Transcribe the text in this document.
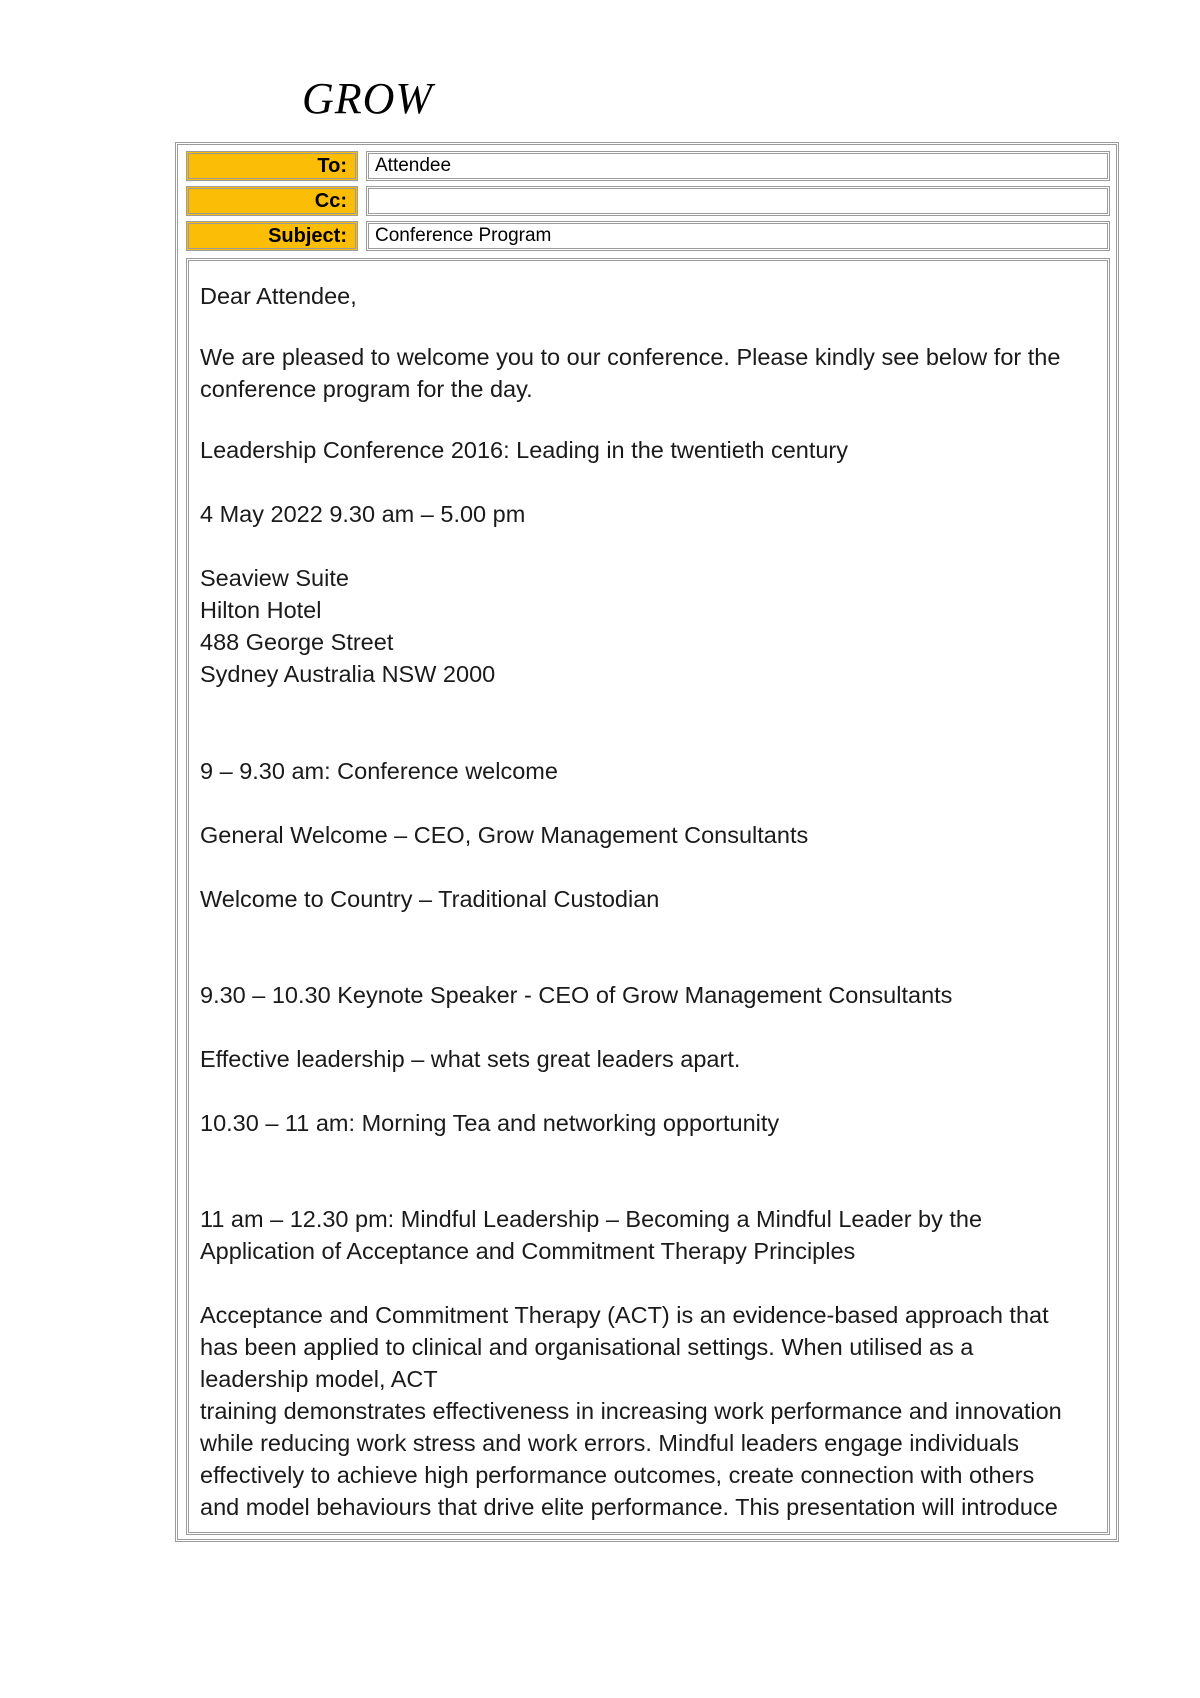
GROW
To:	Attendee
Cc:
Subject:	Conference Program
Dear Attendee,
We are pleased to welcome you to our conference. Please kindly see below for the
conference program for the day.
Leadership Conference 2016: Leading in the twentieth century
4 May 2022 9.30 am – 5.00 pm
Seaview Suite
Hilton Hotel
488 George Street
Sydney Australia NSW 2000
9 – 9.30 am: Conference welcome
General Welcome – CEO, Grow Management Consultants
Welcome to Country – Traditional Custodian
9.30 – 10.30 Keynote Speaker - CEO of Grow Management Consultants
Effective leadership – what sets great leaders apart.
10.30 – 11 am: Morning Tea and networking opportunity
11 am – 12.30 pm: Mindful Leadership – Becoming a Mindful Leader by the
Application of Acceptance and Commitment Therapy Principles
Acceptance and Commitment Therapy (ACT) is an evidence-based approach that
has been applied to clinical and organisational settings. When utilised as a
leadership model, ACT
training demonstrates effectiveness in increasing work performance and innovation
while reducing work stress and work errors. Mindful leaders engage individuals
effectively to achieve high performance outcomes, create connection with others
and model behaviours that drive elite performance. This presentation will introduce
